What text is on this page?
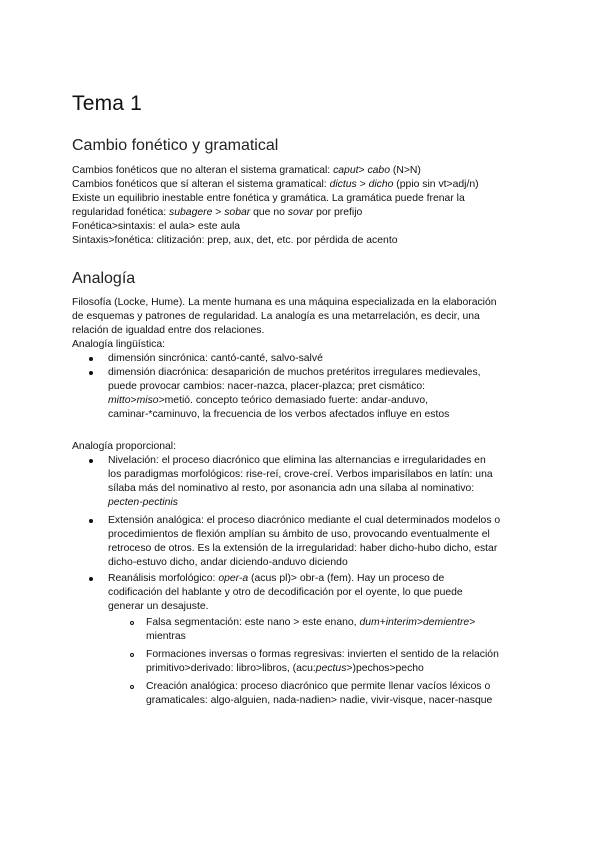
Tema 1
Cambio fonético y gramatical
Cambios fonéticos que no alteran el sistema gramatical: caput> cabo (N>N)
Cambios fonéticos que sí alteran el sistema gramatical: dictus > dicho (ppio sin vt>adj/n)
Existe un equilibrio inestable entre fonética y gramática. La gramática puede frenar la
regularidad fonética: subagere > sobar que no sovar por prefijo
Fonética>sintaxis: el aula> este aula
Sintaxis>fonética: clitización: prep, aux, det, etc. por pérdida de acento
Analogía
Filosofía (Locke, Hume). La mente humana es una máquina especializada en la elaboración
de esquemas y patrones de regularidad. La analogía es una metarrelación, es decir, una
relación de igualdad entre dos relaciones.
Analogía lingüística:
dimensión sincrónica: cantó-canté, salvo-salvé
dimensión diacrónica: desaparición de muchos pretéritos irregulares medievales,
puede provocar cambios: nacer-nazca, placer-plazca; pret cismático:
mitto>miso>metió. concepto teórico demasiado fuerte: andar-anduvo,
caminar-*caminuvo, la frecuencia de los verbos afectados influye en estos
Analogía proporcional:
Nivelación: el proceso diacrónico que elimina las alternancias e irregularidades en
los paradigmas morfológicos: rise-reí, crove-creí. Verbos imparisílabos en latín: una
sílaba más del nominativo al resto, por asonancia adn una sílaba al nominativo:
pecten-pectinis
Extensión analógica: el proceso diacrónico mediante el cual determinados modelos o
procedimientos de flexión amplían su ámbito de uso, provocando eventualmente el
retroceso de otros. Es la extensión de la irregularidad: haber dicho-hubo dicho, estar
dicho-estuvo dicho, andar diciendo-anduvo diciendo
Reanálisis morfológico: oper-a (acus pl)> obr-a (fem). Hay un proceso de
codificación del hablante y otro de decodificación por el oyente, lo que puede
generar un desajuste.
Falsa segmentación: este nano > este enano, dum+interim>demientre>
mientras
Formaciones inversas o formas regresivas: invierten el sentido de la relación
primitivo>derivado: libro>libros, (acu:pectus>)pechos>pecho
Creación analógica: proceso diacrónico que permite llenar vacíos léxicos o
gramaticales: algo-alguien, nada-nadien> nadie, vivir-visque, nacer-nasque
